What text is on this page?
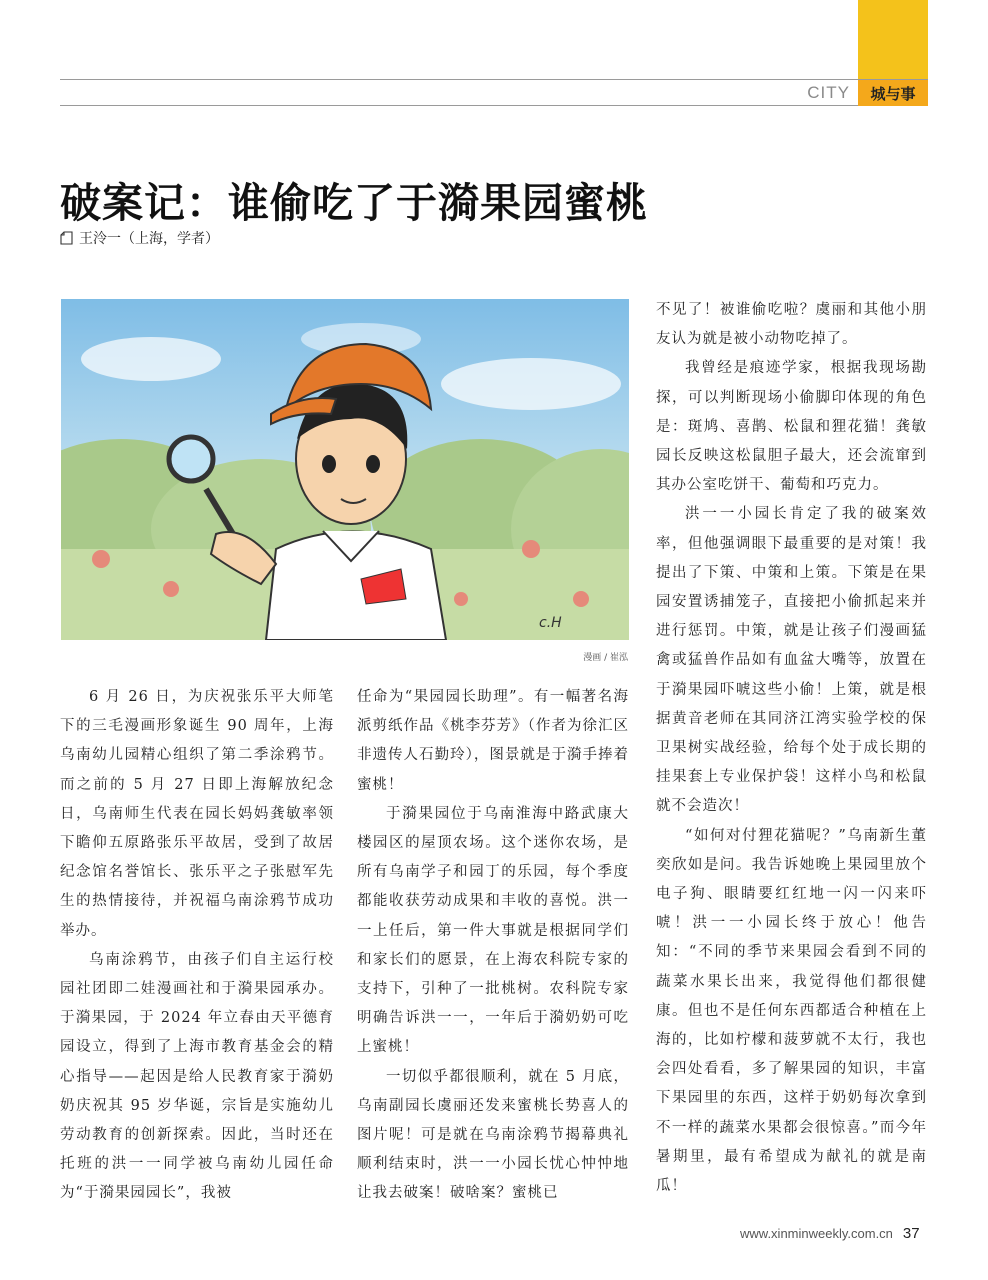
CITY	城与事
破案记：谁偷吃了于漪果园蜜桃
王泠一（上海，学者）
c.H
漫画 / 崔泓

6 月 26 日，为庆祝张乐平大师笔下的三毛漫画形象诞生 90 周年，上海乌南幼儿园精心组织了第二季涂鸦节。而之前的 5 月 27 日即上海解放纪念日，乌南师生代表在园长妈妈龚敏率领下瞻仰五原路张乐平故居，受到了故居纪念馆名誉馆长、张乐平之子张慰军先生的热情接待，并祝福乌南涂鸦节成功举办。

乌南涂鸦节，由孩子们自主运行校园社团即二娃漫画社和于漪果园承办。于漪果园，于 2024 年立春由天平德育园设立，得到了上海市教育基金会的精心指导——起因是给人民教育家于漪奶奶庆祝其 95 岁华诞，宗旨是实施幼儿劳动教育的创新探索。因此，当时还在托班的洪一一同学被乌南幼儿园任命为“于漪果园园长”，我被

任命为“果园园长助理”。有一幅著名海派剪纸作品《桃李芬芳》（作者为徐汇区非遗传人石勤玲），图景就是于漪手捧着蜜桃！

于漪果园位于乌南淮海中路武康大楼园区的屋顶农场。这个迷你农场，是所有乌南学子和园丁的乐园，每个季度都能收获劳动成果和丰收的喜悦。洪一一上任后，第一件大事就是根据同学们和家长们的愿景，在上海农科院专家的支持下，引种了一批桃树。农科院专家明确告诉洪一一，一年后于漪奶奶可吃上蜜桃！

一切似乎都很顺利，就在 5 月底，乌南副园长虞丽还发来蜜桃长势喜人的图片呢！可是就在乌南涂鸦节揭幕典礼顺利结束时，洪一一小园长忧心忡忡地让我去破案！破啥案？蜜桃已

不见了！被谁偷吃啦？虞丽和其他小朋友认为就是被小动物吃掉了。

我曾经是痕迹学家，根据我现场勘探，可以判断现场小偷脚印体现的角色是：斑鸠、喜鹊、松鼠和狸花猫！龚敏园长反映这松鼠胆子最大，还会流窜到其办公室吃饼干、葡萄和巧克力。

洪一一小园长肯定了我的破案效率，但他强调眼下最重要的是对策！我提出了下策、中策和上策。下策是在果园安置诱捕笼子，直接把小偷抓起来并进行惩罚。中策，就是让孩子们漫画猛禽或猛兽作品如有血盆大嘴等，放置在于漪果园吓唬这些小偷！上策，就是根据黄音老师在其同济江湾实验学校的保卫果树实战经验，给每个处于成长期的挂果套上专业保护袋！这样小鸟和松鼠就不会造次！

“如何对付狸花猫呢？”乌南新生董奕欣如是问。我告诉她晚上果园里放个电子狗、眼睛要红红地一闪一闪来吓唬！洪一一小园长终于放心！他告知：“不同的季节来果园会看到不同的蔬菜水果长出来，我觉得他们都很健康。但也不是任何东西都适合种植在上海的，比如柠檬和菠萝就不太行，我也会四处看看，多了解果园的知识，丰富下果园里的东西，这样于奶奶每次拿到不一样的蔬菜水果都会很惊喜。”而今年暑期里，最有希望成为献礼的就是南瓜！

www.xinminweekly.com.cn 37
